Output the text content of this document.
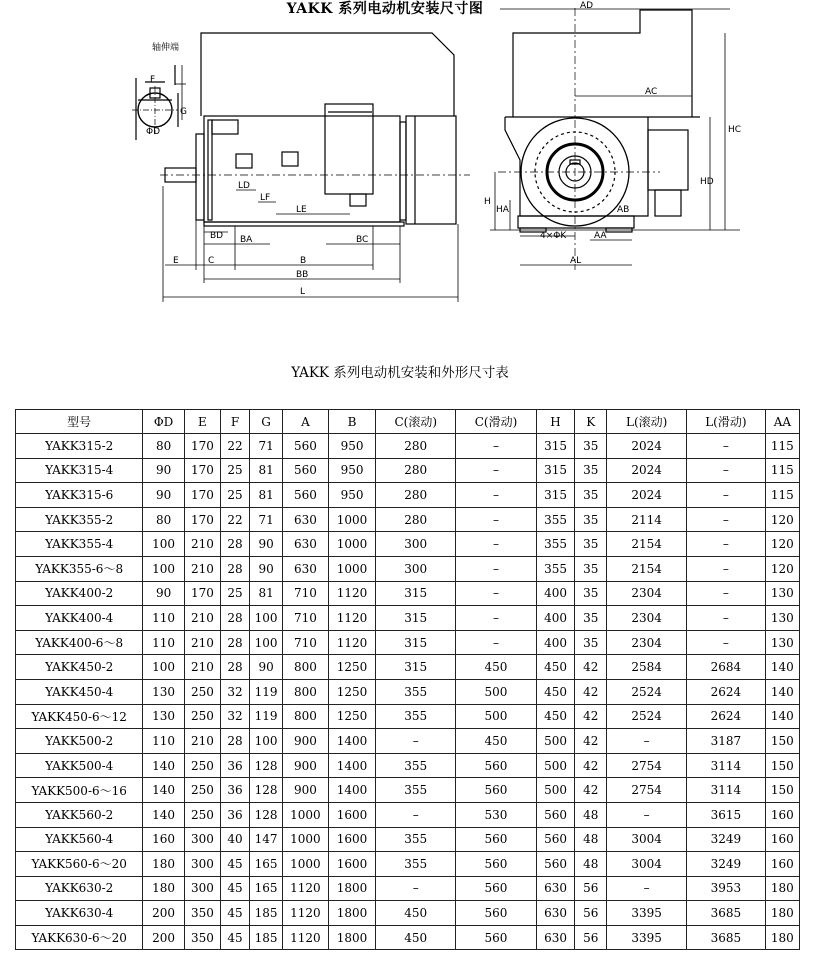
YAKK 系列电动机安装尺寸图
L
BB
B
C
E
BA	BC
BD
LD
LF
LE
F
G
ΦD
轴伸端
AD
AC
HC
HD
AB
AA
4×ΦK
AL
H
HA
YAKK 系列电动机安装和外形尺寸表
型号	ΦD	E	F	G	A	B	C(滚动)	C(滑动)	H	K	L(滚动)	L(滑动)	AA
YAKK315-2	80	170	22	71	560	950	280	–	315	35	2024	–	115
YAKK315-4	90	170	25	81	560	950	280	–	315	35	2024	–	115
YAKK315-6	90	170	25	81	560	950	280	–	315	35	2024	–	115
YAKK355-2	80	170	22	71	630	1000	280	–	355	35	2114	–	120
YAKK355-4	100	210	28	90	630	1000	300	–	355	35	2154	–	120
YAKK355-6～8	100	210	28	90	630	1000	300	–	355	35	2154	–	120
YAKK400-2	90	170	25	81	710	1120	315	–	400	35	2304	–	130
YAKK400-4	110	210	28	100	710	1120	315	–	400	35	2304	–	130
YAKK400-6～8	110	210	28	100	710	1120	315	–	400	35	2304	–	130
YAKK450-2	100	210	28	90	800	1250	315	450	450	42	2584	2684	140
YAKK450-4	130	250	32	119	800	1250	355	500	450	42	2524	2624	140
YAKK450-6～12	130	250	32	119	800	1250	355	500	450	42	2524	2624	140
YAKK500-2	110	210	28	100	900	1400	–	450	500	42	–	3187	150
YAKK500-4	140	250	36	128	900	1400	355	560	500	42	2754	3114	150
YAKK500-6～16	140	250	36	128	900	1400	355	560	500	42	2754	3114	150
YAKK560-2	140	250	36	128	1000	1600	–	530	560	48	–	3615	160
YAKK560-4	160	300	40	147	1000	1600	355	560	560	48	3004	3249	160
YAKK560-6～20	180	300	45	165	1000	1600	355	560	560	48	3004	3249	160
YAKK630-2	180	300	45	165	1120	1800	–	560	630	56	–	3953	180
YAKK630-4	200	350	45	185	1120	1800	450	560	630	56	3395	3685	180
YAKK630-6～20	200	350	45	185	1120	1800	450	560	630	56	3395	3685	180
